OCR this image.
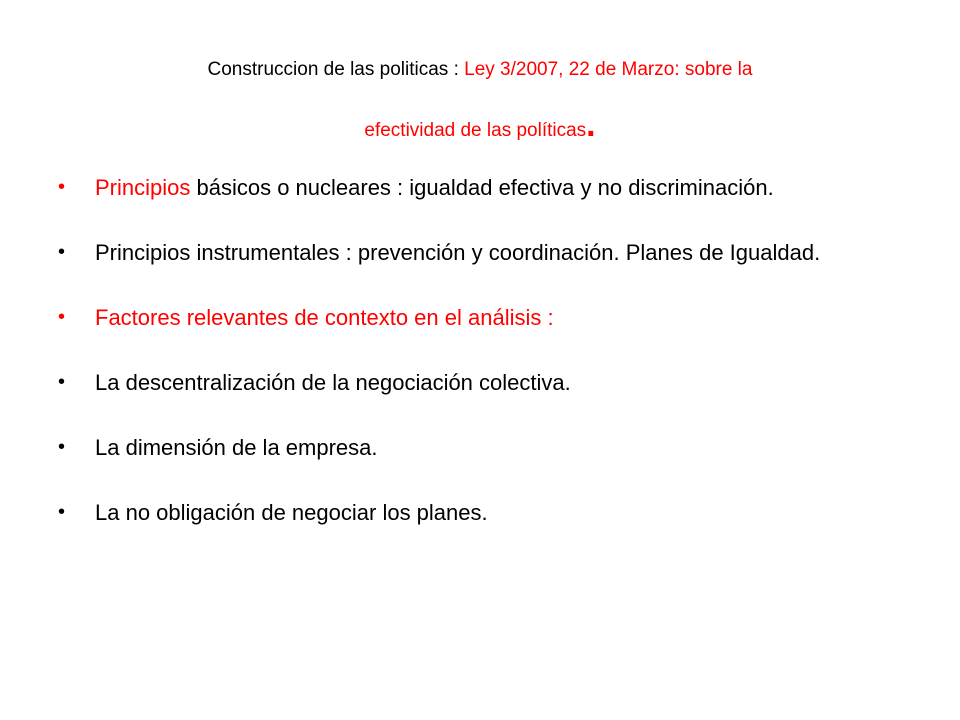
Construccion de las politicas : Ley 3/2007, 22 de Marzo: sobre la
efectividad de las políticas.
•	Principios básicos o nucleares : igualdad efectiva y no discriminación.
•	Principios instrumentales : prevención y coordinación. Planes de Igualdad.
•	Factores relevantes de contexto en el análisis :
•	La descentralización de la negociación colectiva.
•	La dimensión de la empresa.
•	La no obligación de negociar los planes.
